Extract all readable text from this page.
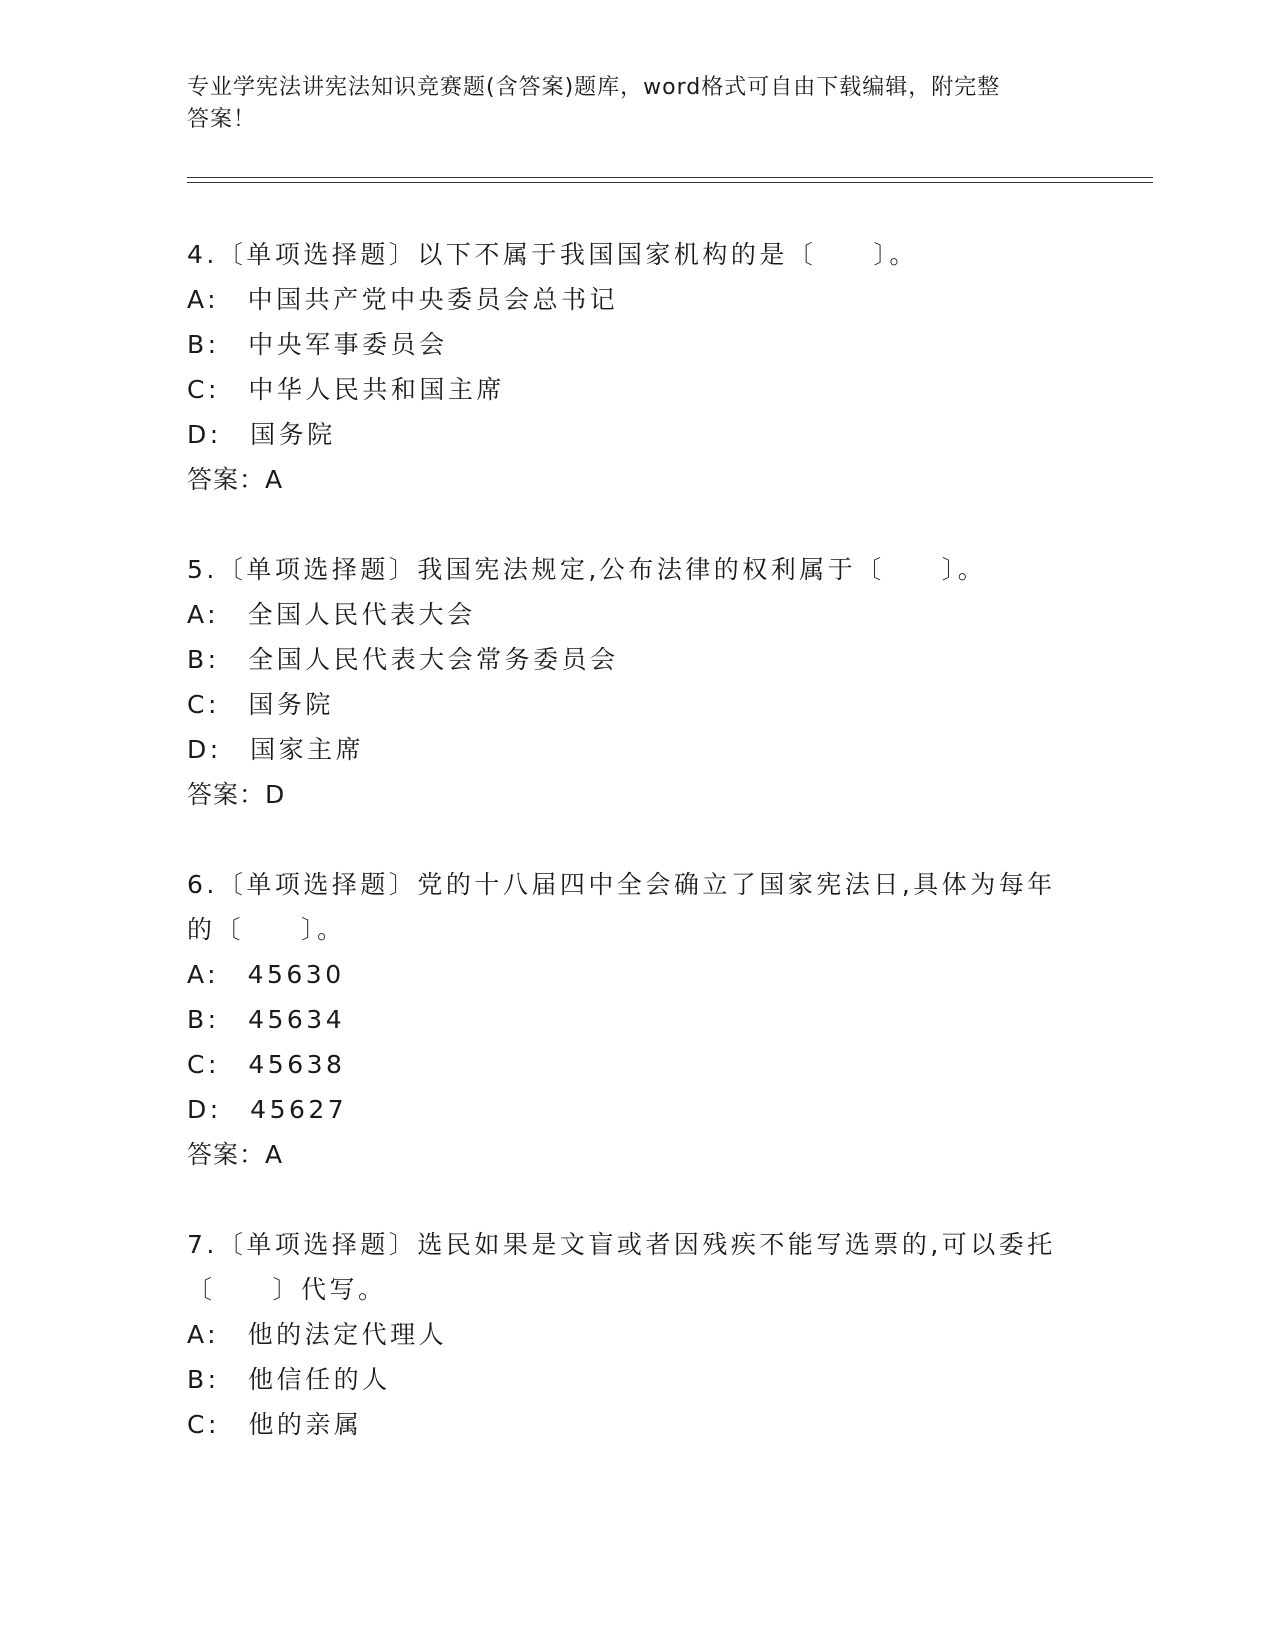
专业学宪法讲宪法知识竞赛题(含答案)题库，word格式可自由下载编辑，附完整
答案！
4.〔单项选择题〕以下不属于我国国家机构的是〔　　〕。
A:　中国共产党中央委员会总书记
B:　中央军事委员会
C:　中华人民共和国主席
D:　国务院
答案：A
5.〔单项选择题〕我国宪法规定,公布法律的权利属于〔　　〕。
A:　全国人民代表大会
B:　全国人民代表大会常务委员会
C:　国务院
D:　国家主席
答案：D
6.〔单项选择题〕党的十八届四中全会确立了国家宪法日,具体为每年
的〔　　〕。
A:　45630
B:　45634
C:　45638
D:　45627
答案：A
7.〔单项选择题〕选民如果是文盲或者因残疾不能写选票的,可以委托
〔　　〕代写。
A:　他的法定代理人
B:　他信任的人
C:　他的亲属
